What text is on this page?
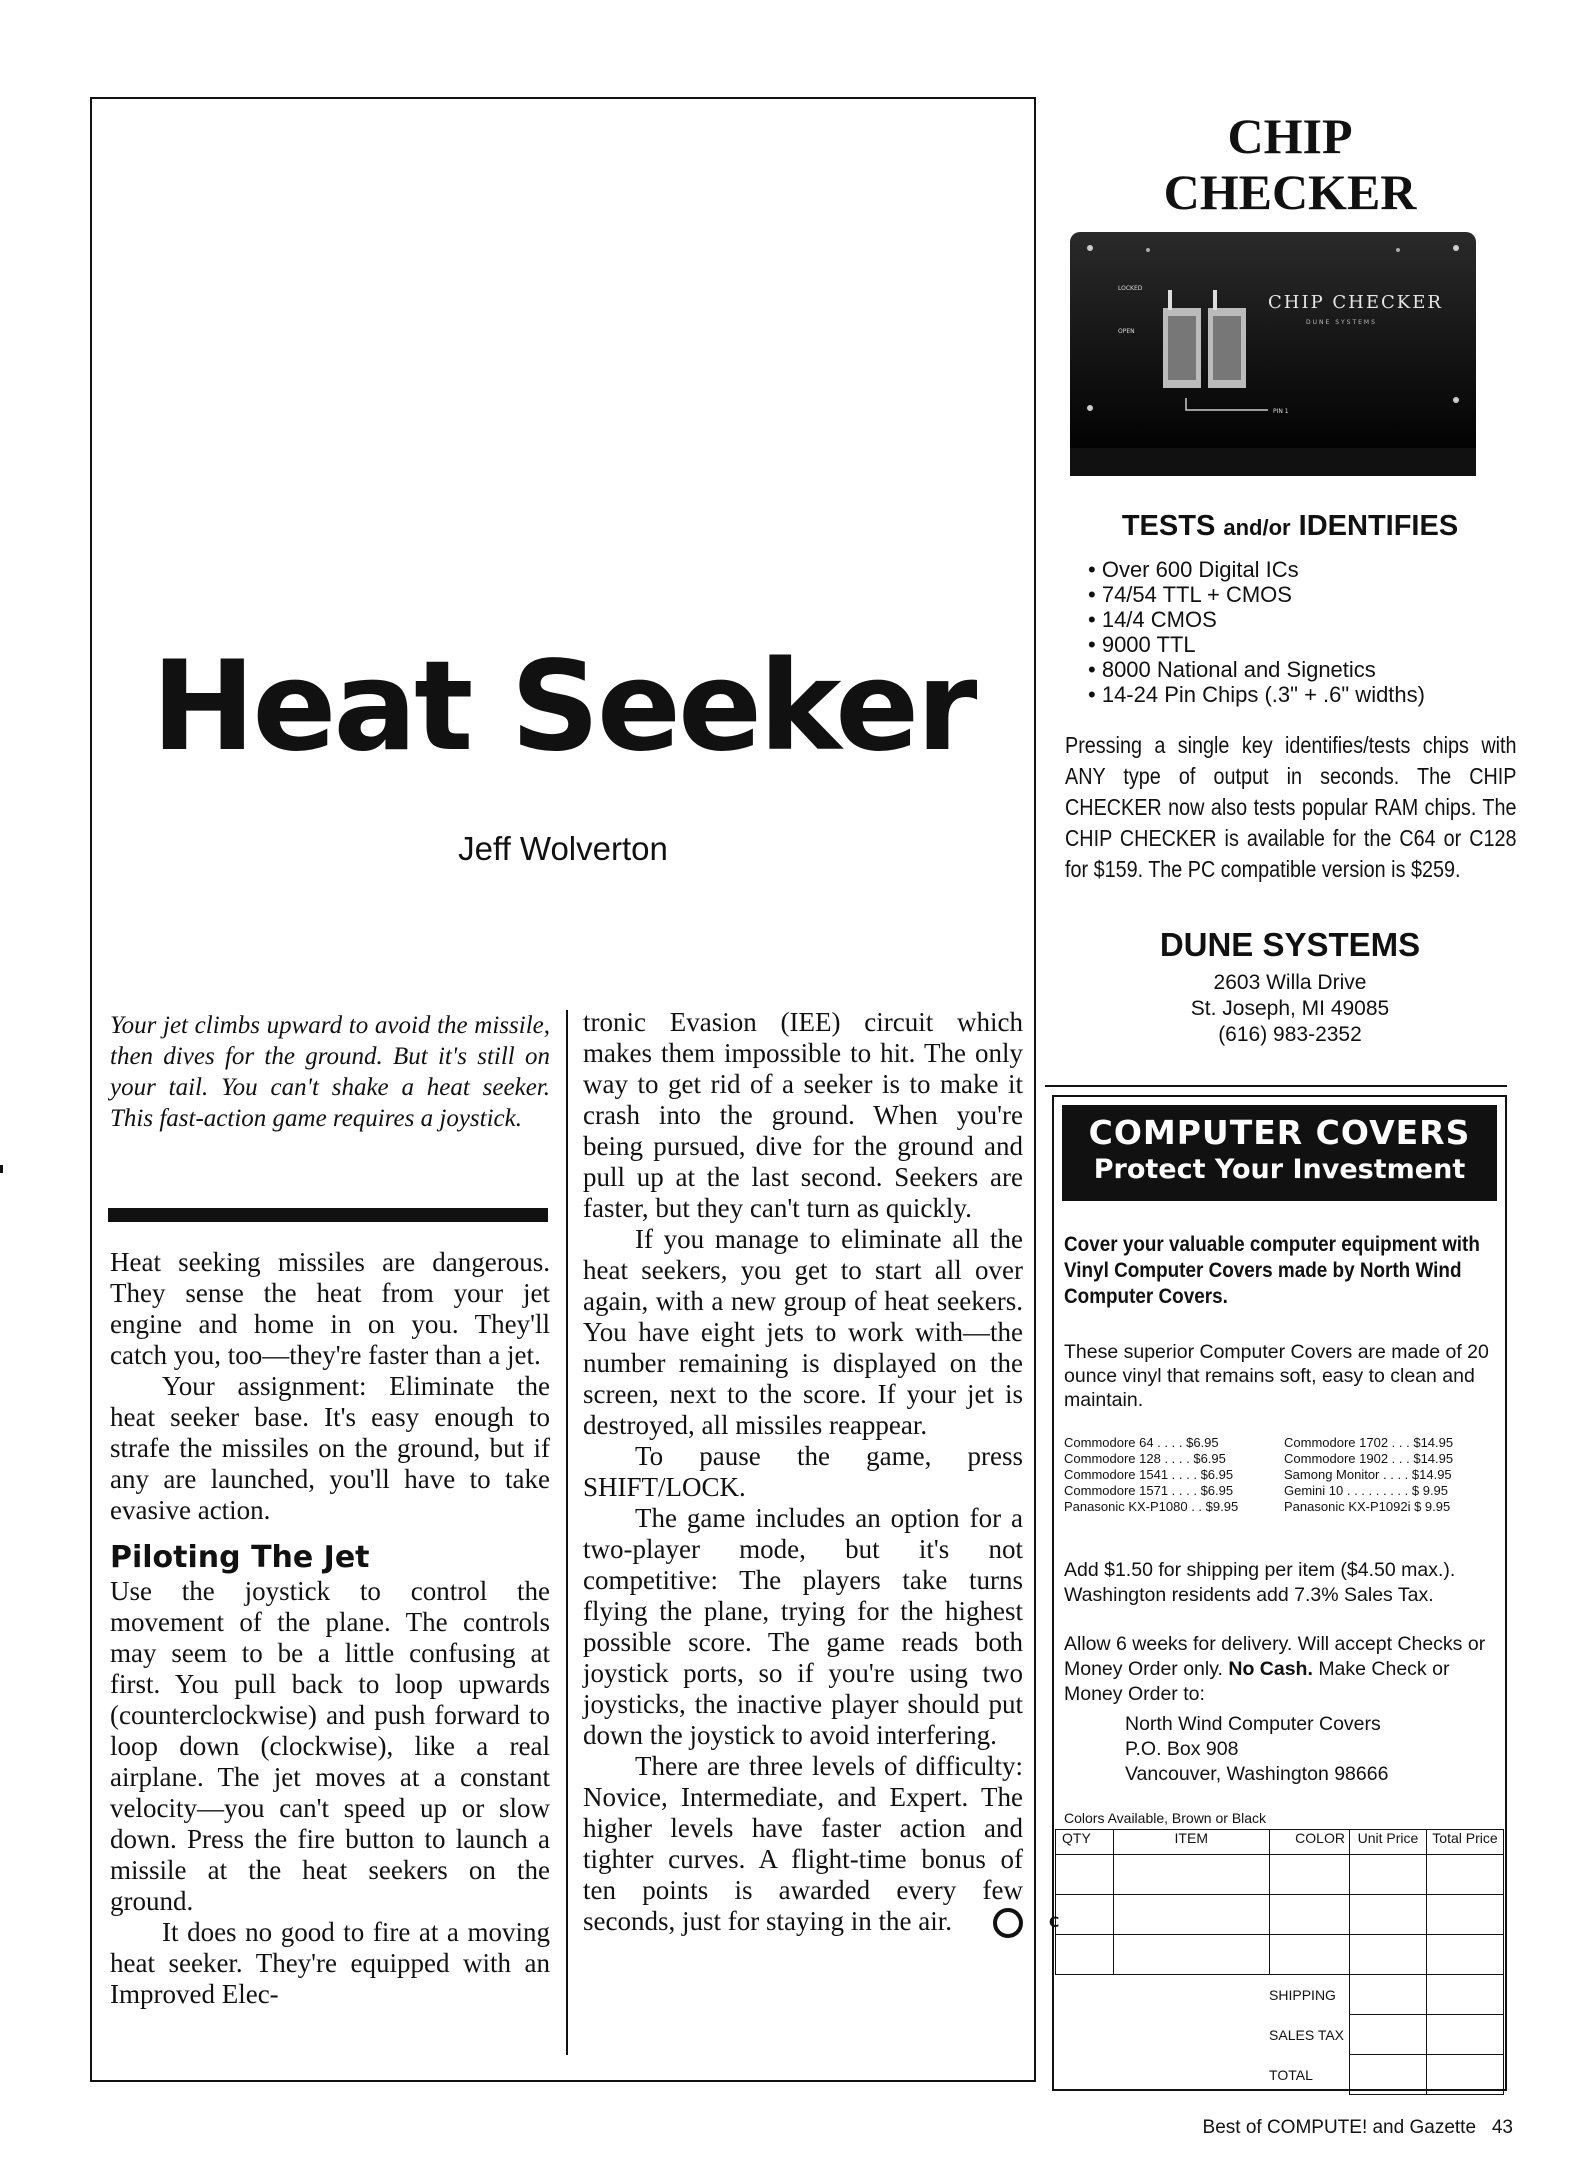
Heat Seeker
Jeff Wolverton
Your jet climbs upward to avoid the missile, then dives for the ground. But it's still on your tail. You can't shake a heat seeker. This fast-action game requires a joystick.

Heat seeking missiles are dangerous. They sense the heat from your jet engine and home in on you. They'll catch you, too—they're faster than a jet.

Your assignment: Eliminate the heat seeker base. It's easy enough to strafe the missiles on the ground, but if any are launched, you'll have to take evasive action.

Piloting The Jet

Use the joystick to control the movement of the plane. The controls may seem to be a little confusing at first. You pull back to loop upwards (counterclockwise) and push forward to loop down (clockwise), like a real airplane. The jet moves at a constant velocity—you can't speed up or slow down. Press the fire button to launch a missile at the heat seekers on the ground.

It does no good to fire at a moving heat seeker. They're equipped with an Improved Elec-

tronic Evasion (IEE) circuit which makes them impossible to hit. The only way to get rid of a seeker is to make it crash into the ground. When you're being pursued, dive for the ground and pull up at the last second. Seekers are faster, but they can't turn as quickly.

If you manage to eliminate all the heat seekers, you get to start all over again, with a new group of heat seekers. You have eight jets to work with—the number remaining is displayed on the screen, next to the score. If your jet is destroyed, all missiles reappear.

To pause the game, press SHIFT/LOCK.

The game includes an option for a two-player mode, but it's not competitive: The players take turns flying the plane, trying for the highest possible score. The game reads both joystick ports, so if you're using two joysticks, the inactive player should put down the joystick to avoid interfering.

There are three levels of difficulty: Novice, Intermediate, and Expert. The higher levels have faster action and tighter curves. A flight-time bonus of ten points is awarded every few seconds, just for staying in the air.	C

CHIP
CHECKER
LOCKED
OPEN
PIN 1
CHIP CHECKER
DUNE SYSTEMS
TESTS and/or IDENTIFIES
• Over 600 Digital ICs
• 74/54 TTL + CMOS
• 14/4 CMOS
• 9000 TTL
• 8000 National and Signetics
• 14-24 Pin Chips (.3" + .6" widths)
Pressing a single key identifies/tests chips with ANY type of output in seconds. The CHIP CHECKER now also tests popular RAM chips. The CHIP CHECKER is available for the C64 or C128 for $159. The PC compatible version is $259.
DUNE SYSTEMS
2603 Willa Drive
St. Joseph, MI 49085
(616) 983-2352
COMPUTER COVERS
Protect Your Investment
Cover your valuable computer equipment with Vinyl Computer Covers made by North Wind Computer Covers.
These superior Computer Covers are made of 20 ounce vinyl that remains soft, easy to clean and maintain.
Commodore 64 . . . . $6.95	Commodore 1702 . . . $14.95
Commodore 128 . . . . $6.95	Commodore 1902 . . . $14.95
Commodore 1541 . . . . $6.95	Samong Monitor . . . . $14.95
Commodore 1571 . . . . $6.95	Gemini 10 . . . . . . . . . $ 9.95
Panasonic KX-P1080 . . $9.95	Panasonic KX-P1092i $ 9.95
Add $1.50 for shipping per item ($4.50 max.). Washington residents add 7.3% Sales Tax.
Allow 6 weeks for delivery. Will accept Checks or Money Order only. No Cash. Make Check or Money Order to:
North Wind Computer Covers
P.O. Box 908
Vancouver, Washington 98666
Colors Available, Brown or Black
QTY	ITEM	COLOR	Unit Price	Total Price

		SHIPPING		
		SALES TAX		
		TOTAL		
Best of COMPUTE! and Gazette 43
